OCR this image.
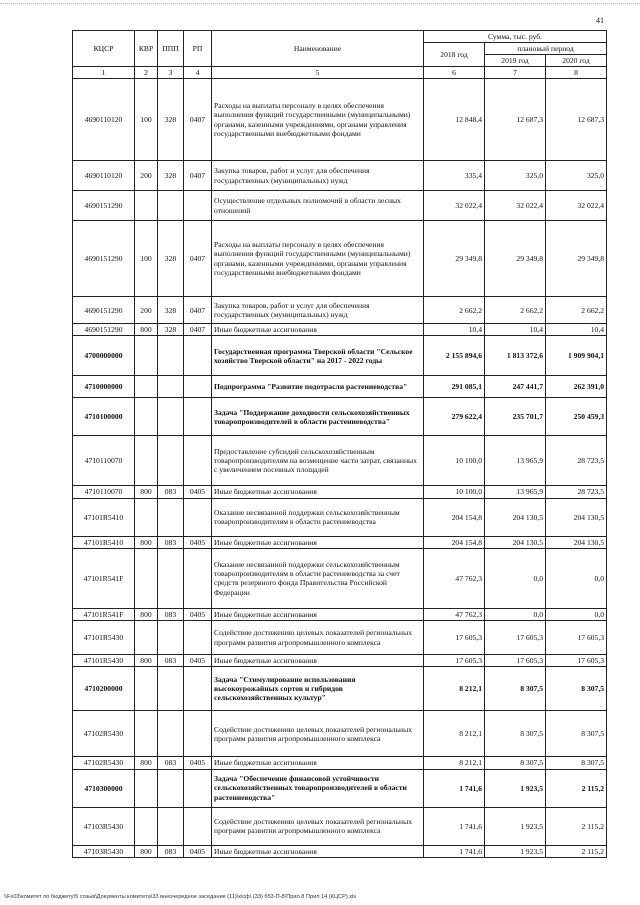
41
КЦСР	КВР	ППП	РП	Наименование	Сумма, тыс. руб.		
					2018 год	плановый период	
						2019 год	2020 год
1	2	3	4	5	6	7	8
4690110120	100	328	0407	Расходы на выплаты персоналу в целях обеспечения выполнения функций государственными (муниципальными) органами, казенными учреждениями, органами управления государственными внебюджетными фондами	12 848,4	12 687,3	12 687,3
4690110120	200	328	0407	Закупка товаров, работ и услуг для обеспечения государственных (муниципальных) нужд	335,4	325,0	325,0
4690151290				Осуществление отдельных полномочий в области лесных отношений	32 022,4	32 022,4	32 022,4
4690151290	100	328	0407	Расходы на выплаты персоналу в целях обеспечения выполнения функций государственными (муниципальными) органами, казенными учреждениями, органами управления государственными внебюджетными фондами	29 349,8	29 349,8	29 349,8
4690151290	200	328	0407	Закупка товаров, работ и услуг для обеспечения государственных (муниципальных) нужд	2 662,2	2 662,2	2 662,2
4690151290	800	328	0407	Иные бюджетные ассигнования	10,4	10,4	10,4
4700000000				Государственная программа Тверской области "Сельское хозяйство Тверской области" на 2017 - 2022 годы	2 155 894,6	1 813 372,6	1 909 904,1
4710000000				Подпрограмма "Развитие подотрасли растениеводства"	291 085,1	247 441,7	262 391,0
4710100000				Задача "Поддержание доходности сельскохозяйственных товаропроизводителей в области растениеводства"	279 622,4	235 701,7	250 459,3
4710110070				Предоставление субсидий сельскохозяйственным товаропроизводителям на возмещение части затрат, связанных с увеличением посевных площадей	10 100,0	13 965,9	28 723,5
4710110070	800	083	0405	Иные бюджетные ассигнования	10 100,0	13 965,9	28 723,5
47101R5410				Оказание несвязанной поддержки сельскохозяйственным товаропроизводителям в области растениеводства	204 154,8	204 130,5	204 130,5
47101R5410	800	083	0405	Иные бюджетные ассигнования	204 154,8	204 130,5	204 130,5
47101R541F				Оказание несвязанной поддержки сельскохозяйственным товаропроизводителям в области растениеводства за счет средств резервного фонда Правительства Российской Федерации	47 762,3	0,0	0,0
47101R541F	800	083	0405	Иные бюджетные ассигнования	47 762,3	0,0	0,0
47101R5430				Содействие достижению целевых показателей региональных программ развития агропромышленного комплекса	17 605,3	17 605,3	17 605,3
47101R5430	800	083	0405	Иные бюджетные ассигнования	17 605,3	17 605,3	17 605,3
4710200000				Задача "Стимулирование использования высокоурожайных сортов и гибридов сельскохозяйственных культур"	8 212,1	8 307,5	8 307,5
47102R5430				Содействие достижению целевых показателей региональных программ развития агропромышленного комплекса	8 212,1	8 307,5	8 307,5
47102R5430	800	083	0405	Иные бюджетные ассигнования	8 212,1	8 307,5	8 307,5
4710300000				Задача "Обеспечение финансовой устойчивости сельскохозяйственных товаропроизводителей в области растениеводства"	1 741,6	1 923,5	2 115,2
47103R5430				Содействие достижению целевых показателей региональных программ развития агропромышленного комплекса	1 741,6	1 923,5	2 115,2
47103R5430	800	083	0405	Иные бюджетные ассигнования	1 741,6	1 923,5	2 115,2
\\Fs03\комитет по бюджету\5 созыв\Документы комитета\33 внеочередное заседание (11)\к\сф\ (33) б53-П-8\Прил.8 Прил 14 (КЦСР).xls
